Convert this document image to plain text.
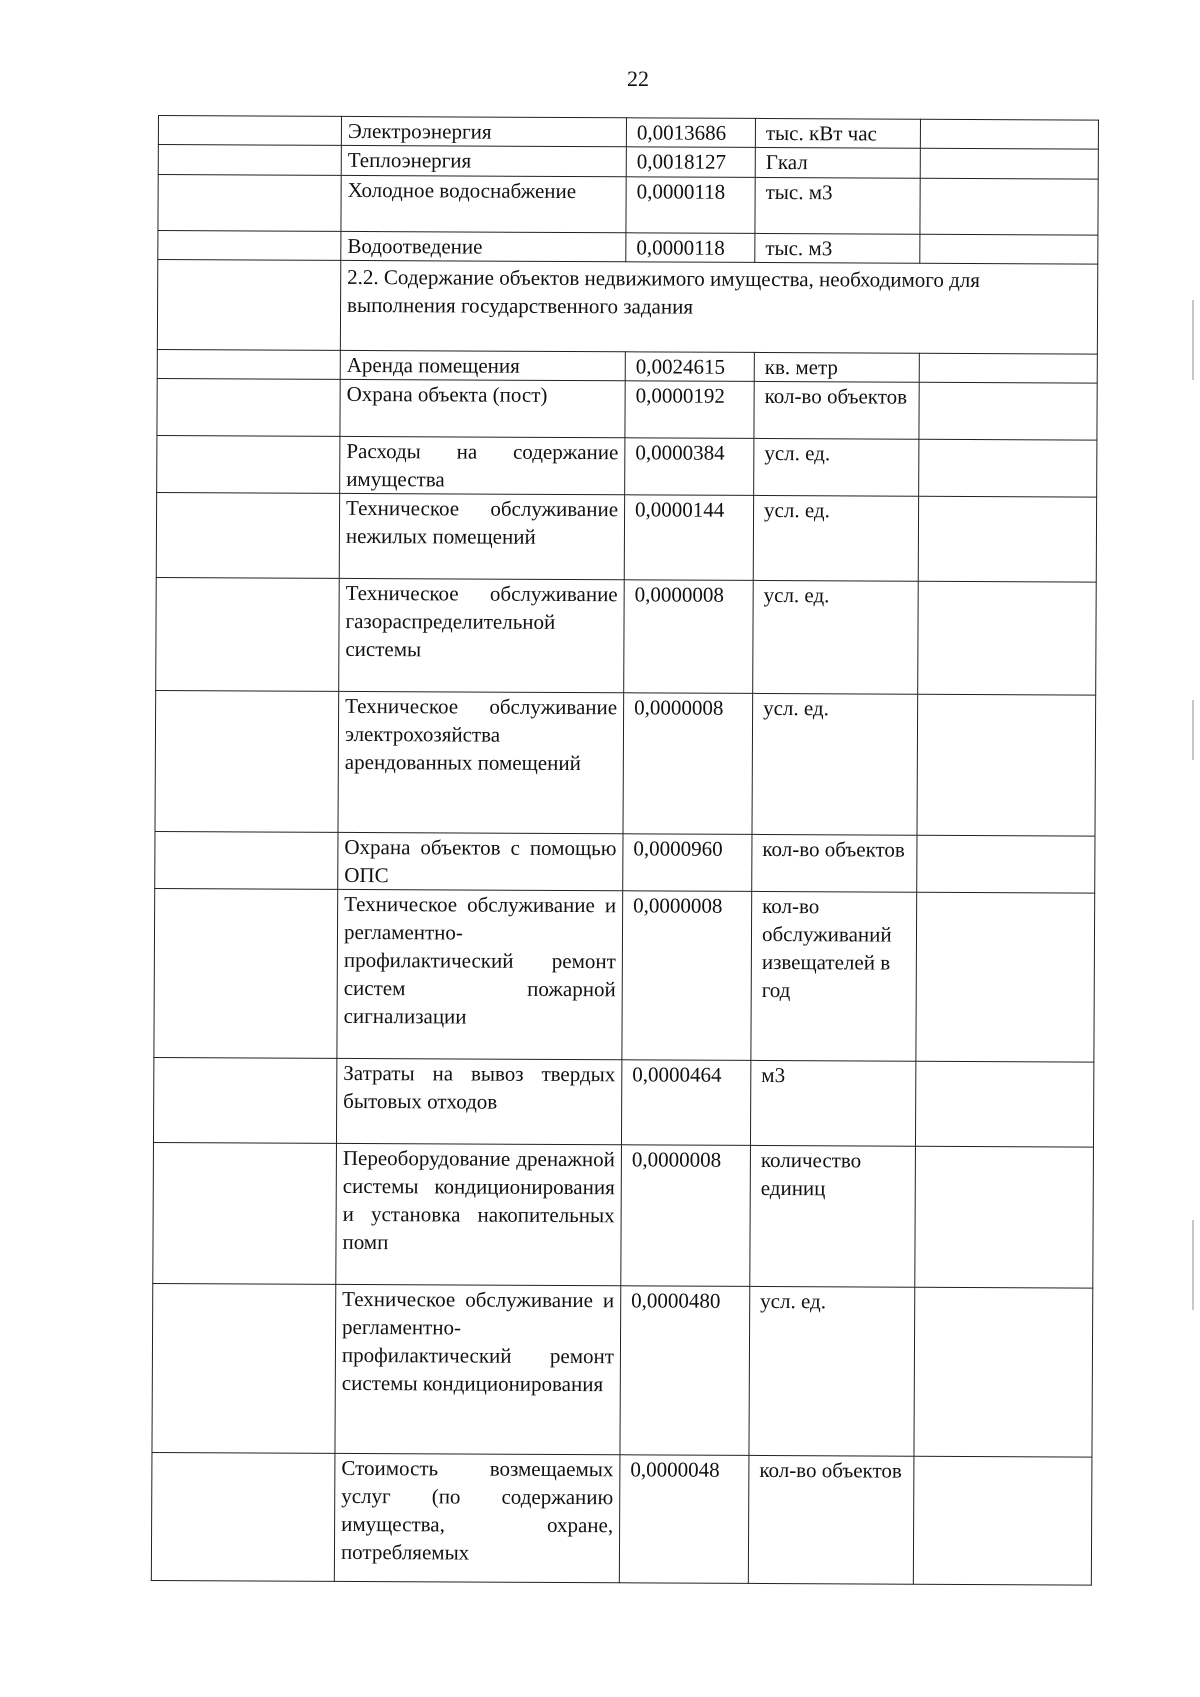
22
	Электроэнергия	0,0013686	тыс. кВт час	
	Теплоэнергия	0,0018127	Гкал	
	Холодное водоснабжение	0,0000118	тыс. м3	
	Водоотведение	0,0000118	тыс. м3	
	2.2. Содержание объектов недвижимого имущества, необходимого для выполнения государственного задания			
	Аренда помещения	0,0024615	кв. метр	
	Охрана объекта (пост)	0,0000192	кол-во объектов	
	Расходы на содержание имущества	0,0000384	усл. ед.	
	Техническое обслуживание нежилых помещений	0,0000144	усл. ед.	
	Техническое обслуживание газораспределительной системы	0,0000008	усл. ед.	
	Техническое обслуживание электрохозяйства арендованных помещений	0,0000008	усл. ед.	
	Охрана объектов с помощью ОПС	0,0000960	кол-во объектов	
	Техническое обслуживание и регламентно-профилактический ремонт систем пожарной сигнализации	0,0000008	кол-во обслуживаний извещателей в год	
	Затраты на вывоз твердых бытовых отходов	0,0000464	м3	
	Переоборудование дренажной системы кондиционирования и установка накопительных помп	0,0000008	количество единиц	
	Техническое обслуживание и регламентно-профилактический ремонт системы кондиционирования	0,0000480	усл. ед.	
	Стоимость возмещаемых услуг (по содержанию имущества, охране, потребляемых	0,0000048	кол-во объектов	
